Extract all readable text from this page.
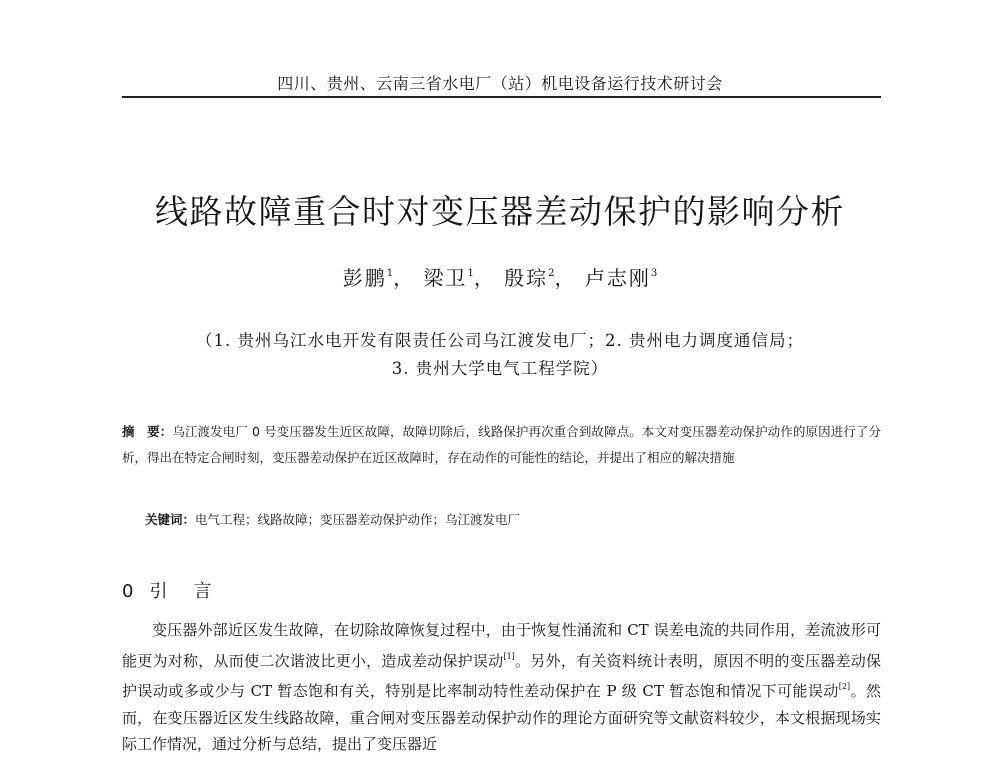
四川、贵州、云南三省水电厂（站）机电设备运行技术研讨会
线路故障重合时对变压器差动保护的影响分析
彭鹏$^1$， 梁卫$^1$， 殷琮$^2$， 卢志刚$^3$
（1. 贵州乌江水电开发有限责任公司乌江渡发电厂；2. 贵州电力调度通信局；
3. 贵州大学电气工程学院）
摘　要：乌江渡发电厂 0 号变压器发生近区故障，故障切除后，线路保护再次重合到故障点。本文对变压器差动保护动作的原因进行了分析，得出在特定合闸时刻，变压器差动保护在近区故障时，存在动作的可能性的结论，并提出了相应的解决措施
关键词：电气工程；线路故障；变压器差动保护动作；乌江渡发电厂
0 引　言
变压器外部近区发生故障，在切除故障恢复过程中，由于恢复性涌流和 CT 误差电流的共同作用，差流波形可能更为对称，从而使二次谐波比更小，造成差动保护误动[1]。另外，有关资料统计表明，原因不明的变压器差动保护误动或多或少与 CT 暂态饱和有关，特别是比率制动特性差动保护在 P 级 CT 暂态饱和情况下可能误动[2]。然而，在变压器近区发生线路故障，重合闸对变压器差动保护动作的理论方面研究等文献资料较少，本文根据现场实际工作情况，通过分析与总结，提出了变压器近
